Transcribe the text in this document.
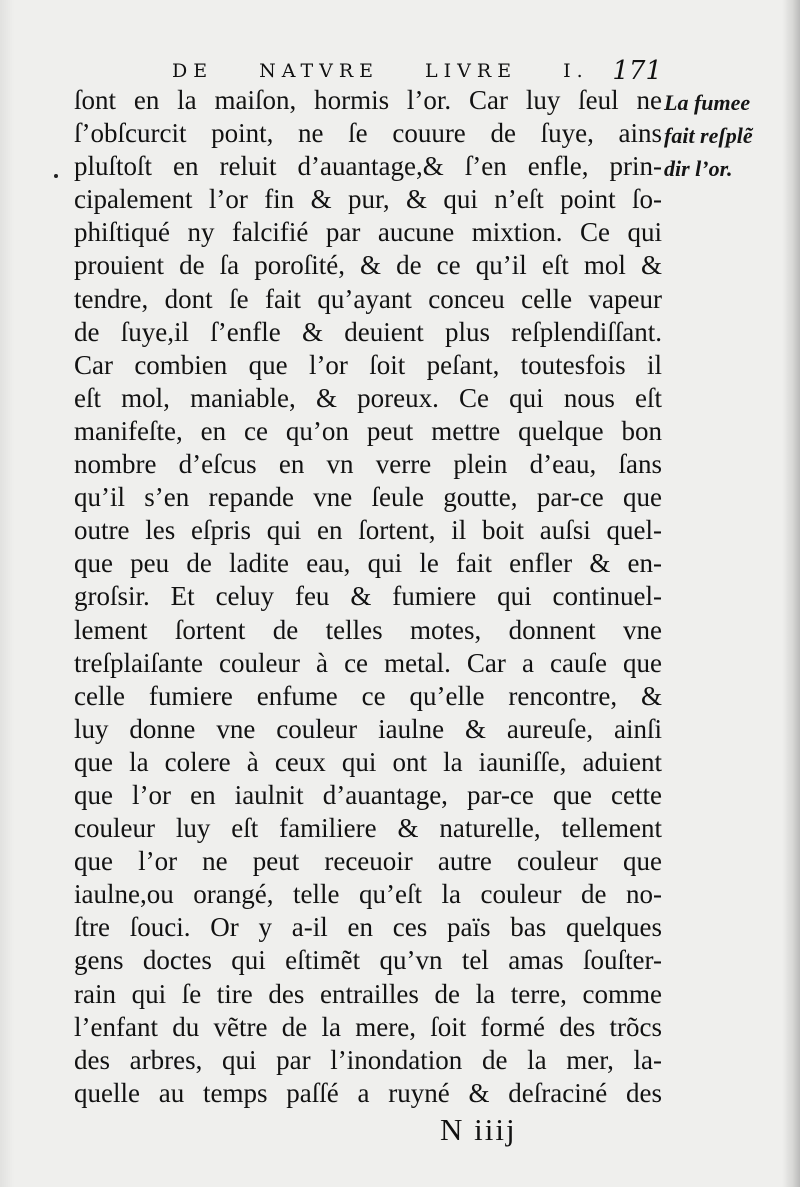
DE NATVRE LIVRE I. 171
ſont en la maiſon, hormis l’or. Car luy ſeul ne
ſ’obſcurcit point, ne ſe couure de ſuye, ains
pluſtoſt en reluit d’auantage,& ſ’en enfle, prin-
cipalement l’or fin & pur, & qui n’eſt point ſo-
phiſtiqué ny falcifié par aucune mixtion. Ce qui
prouient de ſa poroſité, & de ce qu’il eſt mol &
tendre, dont ſe fait qu’ayant conceu celle vapeur
de ſuye,il ſ’enfle & deuient plus reſplendiſſant.
Car combien que l’or ſoit peſant, toutesfois il
eſt mol, maniable, & poreux. Ce qui nous eſt
manifeſte, en ce qu’on peut mettre quelque bon
nombre d’eſcus en vn verre plein d’eau, ſans
qu’il s’en repande vne ſeule goutte, par-ce que
outre les eſpris qui en ſortent, il boit auſsi quel-
que peu de ladite eau, qui le fait enfler & en-
groſsir. Et celuy feu & fumiere qui continuel-
lement ſortent de telles motes, donnent vne
treſplaiſante couleur à ce metal. Car a cauſe que
celle fumiere enfume ce qu’elle rencontre, &
luy donne vne couleur iaulne & aureuſe, ainſi
que la colere à ceux qui ont la iauniſſe, aduient
que l’or en iaulnit d’auantage, par-ce que cette
couleur luy eſt familiere & naturelle, tellement
que l’or ne peut receuoir autre couleur que
iaulne,ou orangé, telle qu’eſt la couleur de no-
ſtre ſouci. Or y a-il en ces païs bas quelques
gens doctes qui eſtimẽt qu’vn tel amas ſouſter-
rain qui ſe tire des entrailles de la terre, comme
l’enfant du vẽtre de la mere, ſoit formé des trõcs
des arbres, qui par l’inondation de la mer, la-
quelle au temps paſſé a ruyné & deſraciné des
La fumee
fait reſplẽ
dir l’or.
N iiij
